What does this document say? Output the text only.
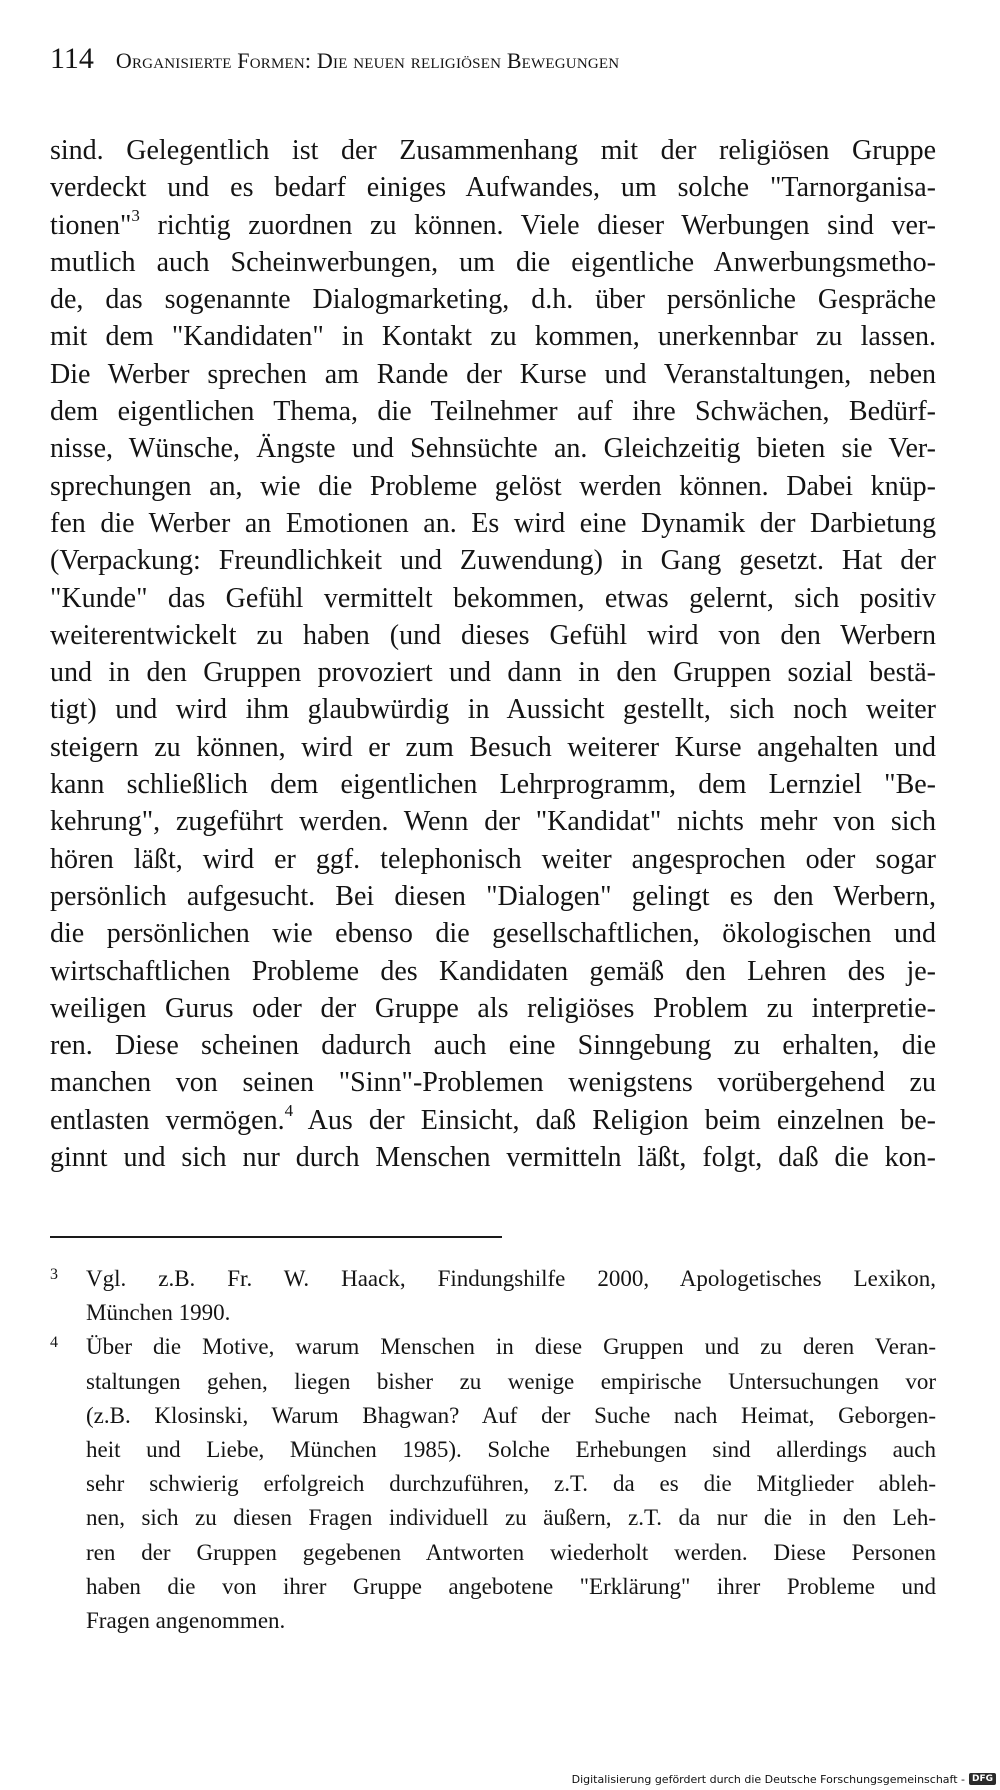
114 Organisierte Formen: Die neuen religiösen Bewegungen
sind. Gelegentlich ist der Zusammenhang mit der religiösen Gruppe
verdeckt und es bedarf einiges Aufwandes, um solche "Tarnorganisa-
tionen"$^3$ richtig zuordnen zu können. Viele dieser Werbungen sind ver-
mutlich auch Scheinwerbungen, um die eigentliche Anwerbungsmetho-
de, das sogenannte Dialogmarketing, d.h. über persönliche Gespräche
mit dem "Kandidaten" in Kontakt zu kommen, unerkennbar zu lassen.
Die Werber sprechen am Rande der Kurse und Veranstaltungen, neben
dem eigentlichen Thema, die Teilnehmer auf ihre Schwächen, Bedürf-
nisse, Wünsche, Ängste und Sehnsüchte an. Gleichzeitig bieten sie Ver-
sprechungen an, wie die Probleme gelöst werden können. Dabei knüp-
fen die Werber an Emotionen an. Es wird eine Dynamik der Darbietung
(Verpackung: Freundlichkeit und Zuwendung) in Gang gesetzt. Hat der
"Kunde" das Gefühl vermittelt bekommen, etwas gelernt, sich positiv
weiterentwickelt zu haben (und dieses Gefühl wird von den Werbern
und in den Gruppen provoziert und dann in den Gruppen sozial bestä-
tigt) und wird ihm glaubwürdig in Aussicht gestellt, sich noch weiter
steigern zu können, wird er zum Besuch weiterer Kurse angehalten und
kann schließlich dem eigentlichen Lehrprogramm, dem Lernziel "Be-
kehrung", zugeführt werden. Wenn der "Kandidat" nichts mehr von sich
hören läßt, wird er ggf. telephonisch weiter angesprochen oder sogar
persönlich aufgesucht. Bei diesen "Dialogen" gelingt es den Werbern,
die persönlichen wie ebenso die gesellschaftlichen, ökologischen und
wirtschaftlichen Probleme des Kandidaten gemäß den Lehren des je-
weiligen Gurus oder der Gruppe als religiöses Problem zu interpretie-
ren. Diese scheinen dadurch auch eine Sinngebung zu erhalten, die
manchen von seinen "Sinn"-Problemen wenigstens vorübergehend zu
entlasten vermögen.$^4$ Aus der Einsicht, daß Religion beim einzelnen be-
ginnt und sich nur durch Menschen vermitteln läßt, folgt, daß die kon-
3 Vgl. z.B. Fr. W. Haack, Findungshilfe 2000, Apologetisches Lexikon,
München 1990.
4 Über die Motive, warum Menschen in diese Gruppen und zu deren Veran-
staltungen gehen, liegen bisher zu wenige empirische Untersuchungen vor
(z.B. Klosinski, Warum Bhagwan? Auf der Suche nach Heimat, Geborgen-
heit und Liebe, München 1985). Solche Erhebungen sind allerdings auch
sehr schwierig erfolgreich durchzuführen, z.T. da es die Mitglieder ableh-
nen, sich zu diesen Fragen individuell zu äußern, z.T. da nur die in den Leh-
ren der Gruppen gegebenen Antworten wiederholt werden. Diese Personen
haben die von ihrer Gruppe angebotene "Erklärung" ihrer Probleme und
Fragen angenommen.
Digitalisierung gefördert durch die Deutsche Forschungsgemeinschaft - DFG
